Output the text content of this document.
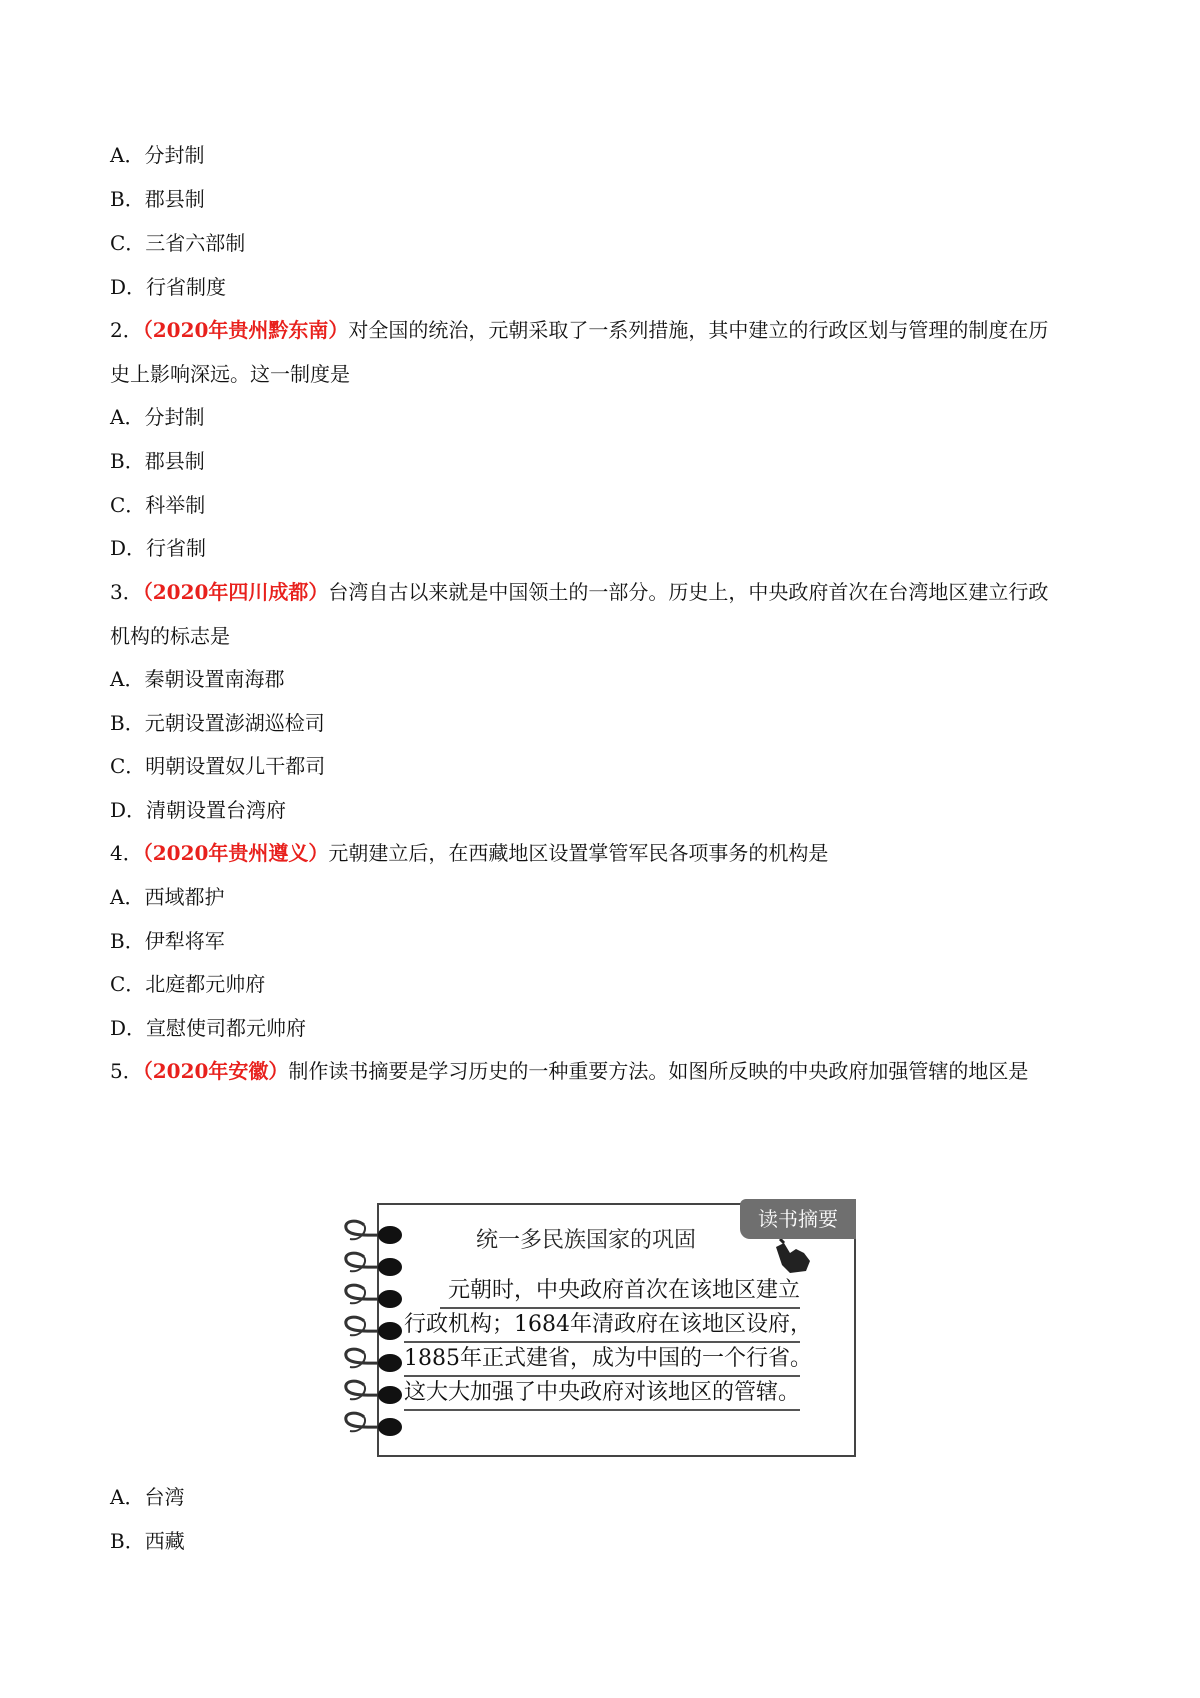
A．分封制
B．郡县制
C．三省六部制
D．行省制度
2．（2020年贵州黔东南）对全国的统治，元朝采取了一系列措施，其中建立的行政区划与管理的制度在历
史上影响深远。这一制度是
A．分封制
B．郡县制
C．科举制
D．行省制
3．（2020年四川成都）台湾自古以来就是中国领土的一部分。历史上，中央政府首次在台湾地区建立行政
机构的标志是
A．秦朝设置南海郡
B．元朝设置澎湖巡检司
C．明朝设置奴儿干都司
D．清朝设置台湾府
4．（2020年贵州遵义）元朝建立后，在西藏地区设置掌管军民各项事务的机构是
A．西域都护
B．伊犁将军
C．北庭都元帅府
D．宣慰使司都元帅府
5．（2020年安徽）制作读书摘要是学习历史的一种重要方法。如图所反映的中央政府加强管辖的地区是
统一多民族国家的巩固
读书摘要
元朝时，中央政府首次在该地区建立
行政机构；1684年清政府在该地区设府，
1885年正式建省，成为中国的一个行省。
这大大加强了中央政府对该地区的管辖。
A．台湾
B．西藏
